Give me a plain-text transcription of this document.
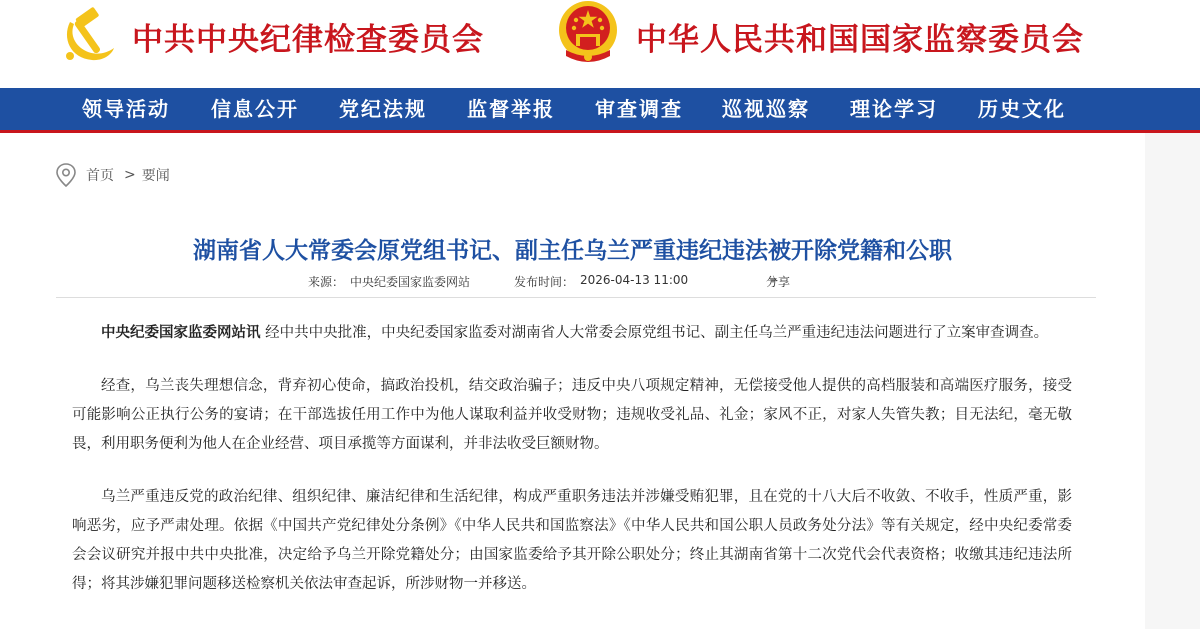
中共中央纪律检查委员会	中华人民共和国国家监察委员会
领导活动 信息公开 党纪法规 监督举报 审查调查 巡视巡察 理论学习 历史文化
首页 > 要闻
湖南省人大常委会原党组书记、副主任乌兰严重违纪违法被开除党籍和公职
来源： 中央纪委国家监委网站	发布时间： 2026-04-13 11:00	分享

中央纪委国家监委网站讯 经中共中央批准，中央纪委国家监委对湖南省人大常委会原党组书记、副主任乌兰严重违纪违法问题进行了立案审查调查。

经查，乌兰丧失理想信念，背弃初心使命，搞政治投机，结交政治骗子；违反中央八项规定精神，无偿接受他人提供的高档服装和高端医疗服务，接受可能影响公正执行公务的宴请；在干部选拔任用工作中为他人谋取利益并收受财物；违规收受礼品、礼金；家风不正，对家人失管失教；目无法纪，毫无敬畏，利用职务便利为他人在企业经营、项目承揽等方面谋利，并非法收受巨额财物。

乌兰严重违反党的政治纪律、组织纪律、廉洁纪律和生活纪律，构成严重职务违法并涉嫌受贿犯罪，且在党的十八大后不收敛、不收手，性质严重，影响恶劣，应予严肃处理。依据《中国共产党纪律处分条例》《中华人民共和国监察法》《中华人民共和国公职人员政务处分法》等有关规定，经中央纪委常委会会议研究并报中共中央批准，决定给予乌兰开除党籍处分；由国家监委给予其开除公职处分；终止其湖南省第十二次党代会代表资格；收缴其违纪违法所得；将其涉嫌犯罪问题移送检察机关依法审查起诉，所涉财物一并移送。
